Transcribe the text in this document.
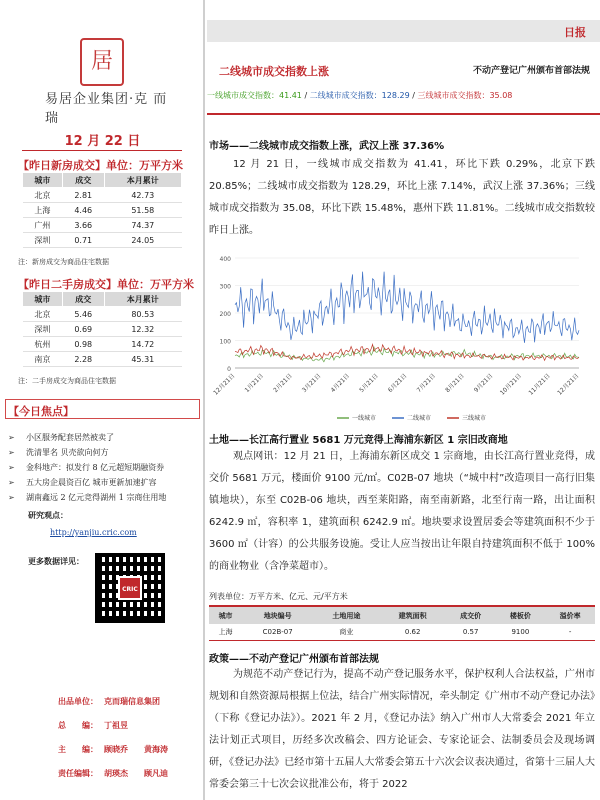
居
易居企业集团·克 而 瑞
12 月 22 日
【昨日新房成交】单位：万平方米
城市	成交	本月累计
北京	2.81	42.73
上海	4.46	51.58
广州	3.66	74.37
深圳	0.71	24.05
注：新房成交为商品住宅数据
【昨日二手房成交】单位：万平方米
城市	成交	本月累计
北京	5.46	80.53
深圳	0.69	12.32
杭州	0.98	14.72
南京	2.28	45.31
注：二手房成交为商品住宅数据
【今日焦点】
➢ 小区服务配套居然被卖了
➢ 洗清罪名 贝壳欲向何方
➢ 金科地产：拟发行 8 亿元超短期融资券
➢ 五大房企晨资百亿 城市更新加速扩容
➢ 湖南鑫远 2 亿元竞得湖州 1 宗商住用地
研究观点：
http://yanjiu.cric.com
更多数据详见：
CRIC
出品单位： 克而瑞信息集团
总　　编： 丁祖昱
主　　编： 顾晓乔　　黄海涛
责任编辑： 胡瑛杰　　顾凡迪
日报
二线城市成交指数上涨	不动产登记广州颁布首部法规
一线城市成交指数：41.41 / 二线城市成交指数：128.29 / 三线城市成交指数：35.08
市场——二线城市成交指数上涨，武汉上涨 37.36%
12 月 21 日，一线城市成交指数为 41.41，环比下跌 0.29%，北京下跌 20.85%；二线城市成交指数为 128.29，环比上涨 7.14%，武汉上涨 37.36%；三线城市成交指数为 35.08，环比下跌 15.48%，惠州下跌 11.81%。二线城市成交指数较昨日上涨。
0
100
200
300
400
12月21日 1月21日 2月21日 3月21日 4月21日 5月21日 6月21日 7月21日 8月21日 9月21日 10月21日 11月21日 12月21日
一线城市	二线城市	三线城市
土地——长江高行置业 5681 万元竞得上海浦东新区 1 宗旧改商地
观点网讯：12 月 21 日，上海浦东新区成交 1 宗商地，由长江高行置业竞得，成交价 5681 万元，楼面价 9100 元/㎡。C02B-07 地块（“城中村”改造项目一高行旧集镇地块），东至 C02B-06 地块，西至莱阳路，南至南新路，北至行南一路，出让面积 6242.9 ㎡，容积率 1，建筑面积 6242.9 ㎡。地块要求设置居委会等建筑面积不少于 3600 ㎡（计容）的公共服务设施。受让人应当按出让年限自持建筑面积不低于 100%的商业物业（含净菜超市）。
列表单位：万平方米、亿元、元/平方米
城市	地块编号	土地用途	建筑面积	成交价	楼板价	溢价率
上海	C02B-07	商业	0.62	0.57	9100	-
政策——不动产登记广州颁布首部法规
为规范不动产登记行为，提高不动产登记服务水平，保护权利人合法权益，广州市规划和自然资源局根据上位法，结合广州实际情况，牵头制定《广州市不动产登记办法》（下称《登记办法》）。2021 年 2 月，《登记办法》纳入广州市人大常委会 2021 年立法计划正式项目，历经多次改稿会、四方论证会、专家论证会、法制委员会及现场调研，《登记办法》已经市第十五届人大常委会第五十六次会议表决通过，省第十三届人大常委会第三十七次会议批准公布，将于 2022
